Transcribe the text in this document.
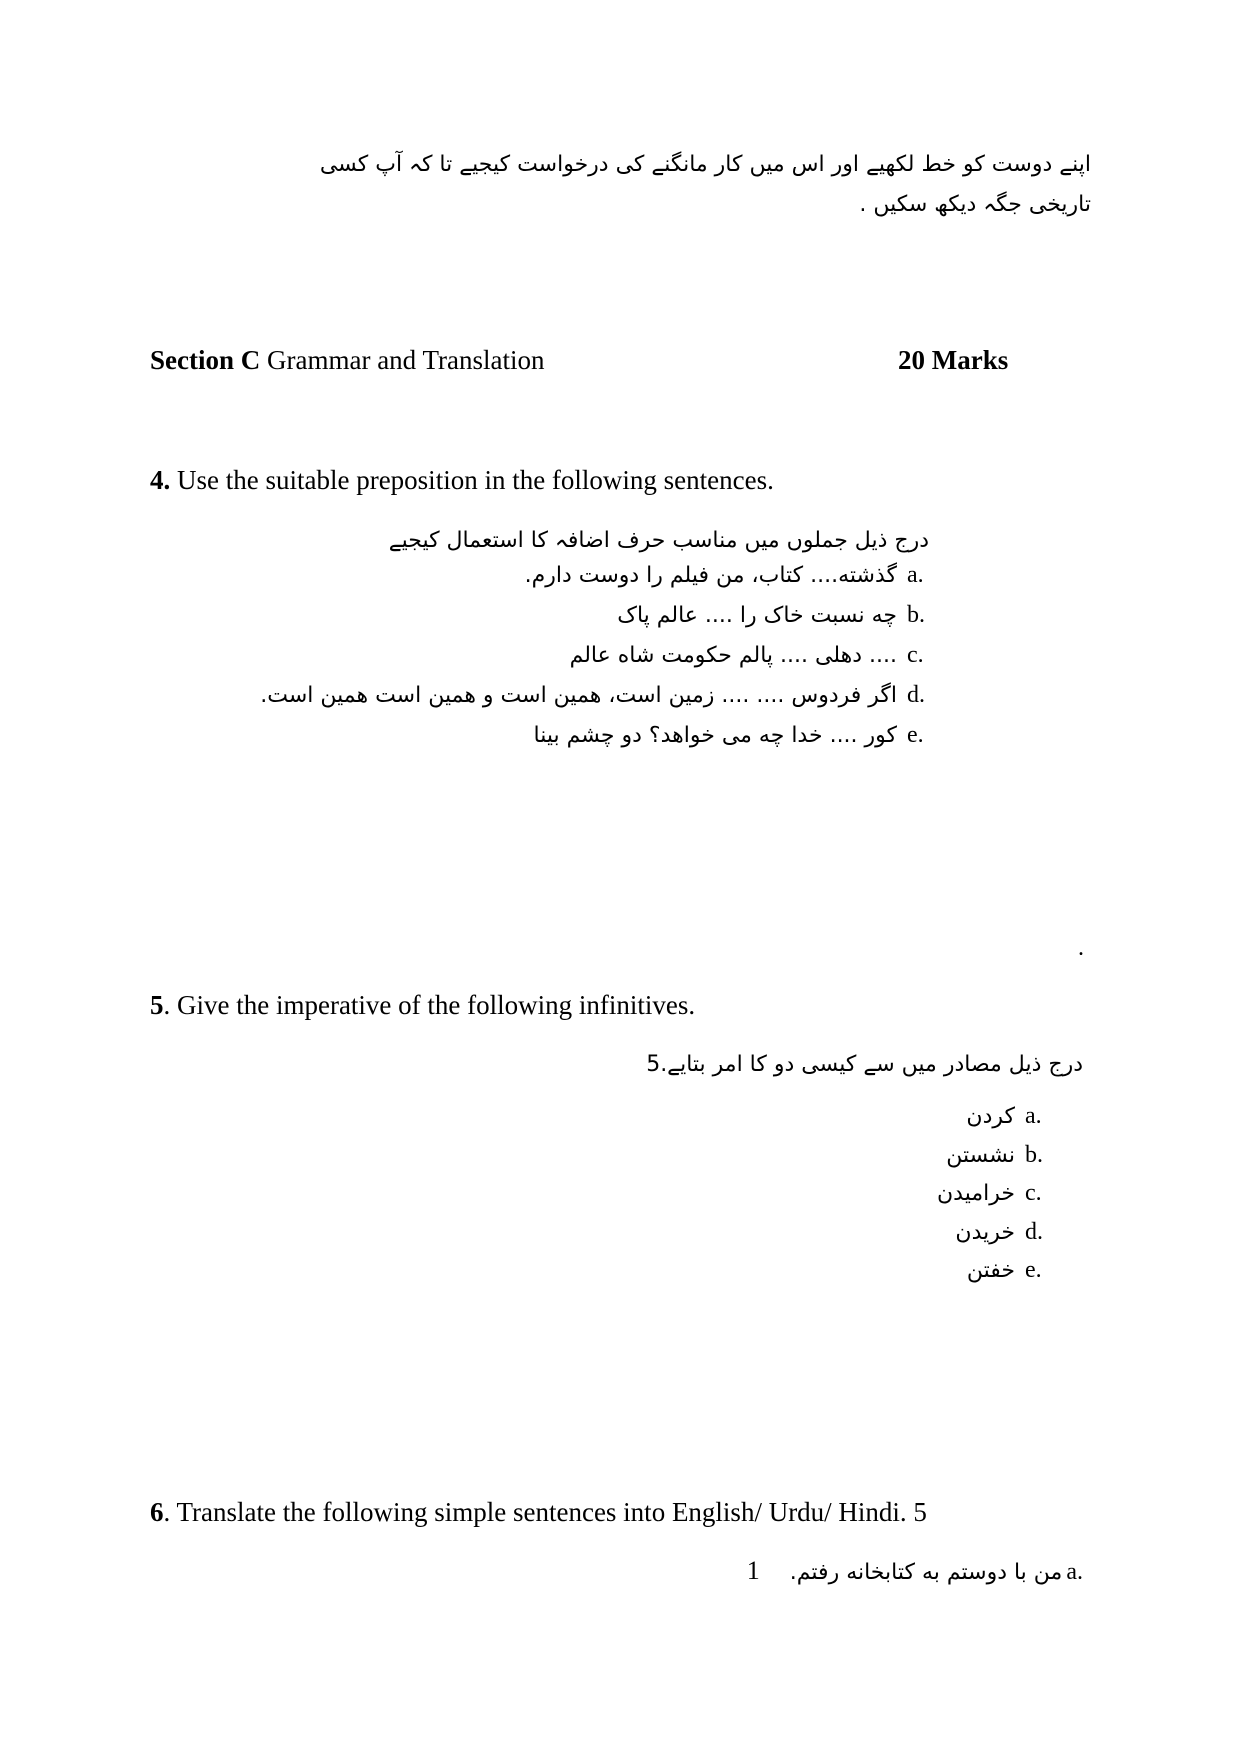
اپنے دوست کو خط لکھیے اور اس میں کار مانگنے کی درخواست کیجیے تا کہ آپ کسی
تاریخی جگہ دیکھ سکیں .
Section C Grammar and Translation	20 Marks
4. Use the suitable preposition in the following sentences.
درج ذیل جملوں میں مناسب حرف اضافہ کا استعمال کیجیے
گذشته.... کتاب، من فیلم را دوست دارم. a.
چه نسبت خاک را .... عالم پاک b.
.... دهلی .... پالم حکومت شاه عالم c.
اگر فردوس .... .... زمین است، همین است و همین است همین است. d.
کور .... خدا چه می خواهد؟ دو چشم بینا e.
.
5. Give the imperative of the following infinitives.
درج ذیل مصادر میں سے کیسی دو کا امر بتایے.5
کردن a.
نشستن b.
خرامیدن c.
خریدن d.
خفتن e.
6. Translate the following simple sentences into English/ Urdu/ Hindi. 5
1 من با دوستم به کتابخانه رفتم. a.
